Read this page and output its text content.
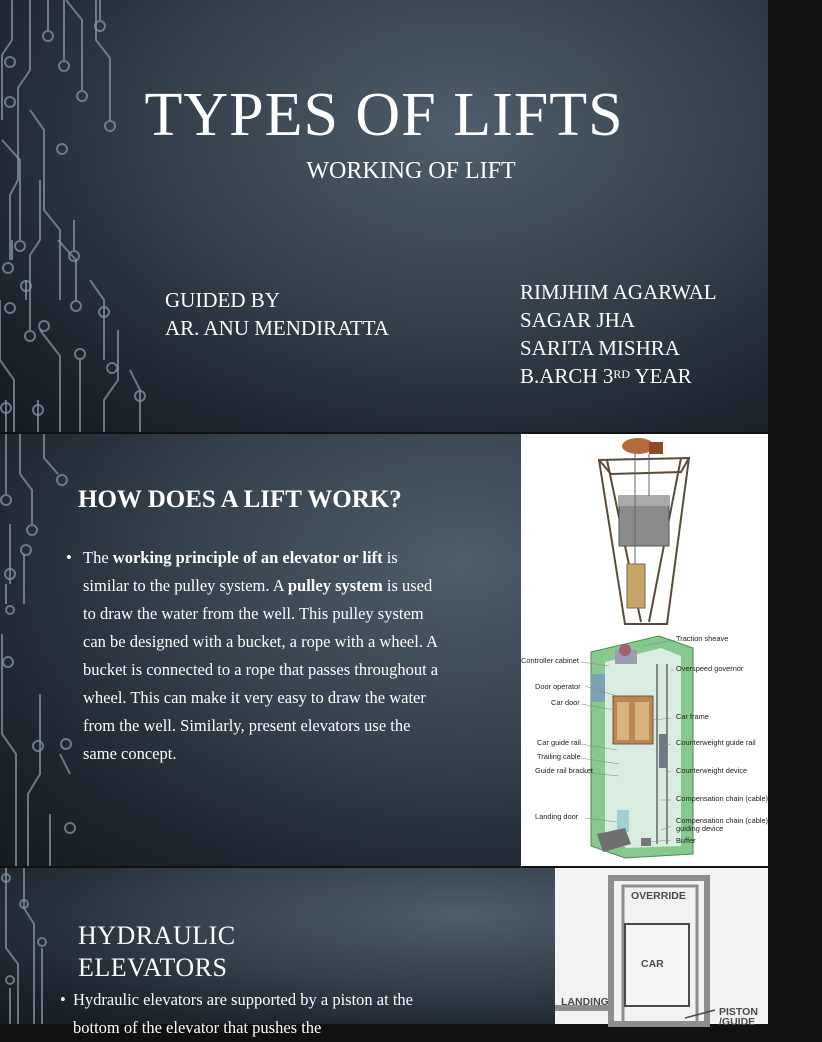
TYPES OF LIFTS
WORKING OF LIFT
GUIDED BY
AR. ANU MENDIRATTA
RIMJHIM AGARWAL
SAGAR JHA
SARITA MISHRA
B.ARCH 3RD YEAR
HOW DOES A LIFT WORK?
• The working principle of an elevator or lift is similar to the pulley system. A pulley system is used to draw the water from the well. This pulley system can be designed with a bucket, a rope with a wheel. A bucket is connected to a rope that passes throughout a wheel. This can make it very easy to draw the water from the well. Similarly, present elevators use the same concept.

Traction sheave
Controller cabinet
Overspeed governor
Door operator
Car door
Car frame
Car guide rail	Counterweight guide rail
Trailing cable
Guide rail bracket	Counterweight device
Compensation chain (cable)
Landing door	Compensation chain (cable)
guiding device
Buffer
HYDRAULIC
ELEVATORS
• Hydraulic elevators are supported by a piston at the bottom of the elevator that pushes the

OVERRIDE
CAR
LANDING
PISTON
/GUIDE
